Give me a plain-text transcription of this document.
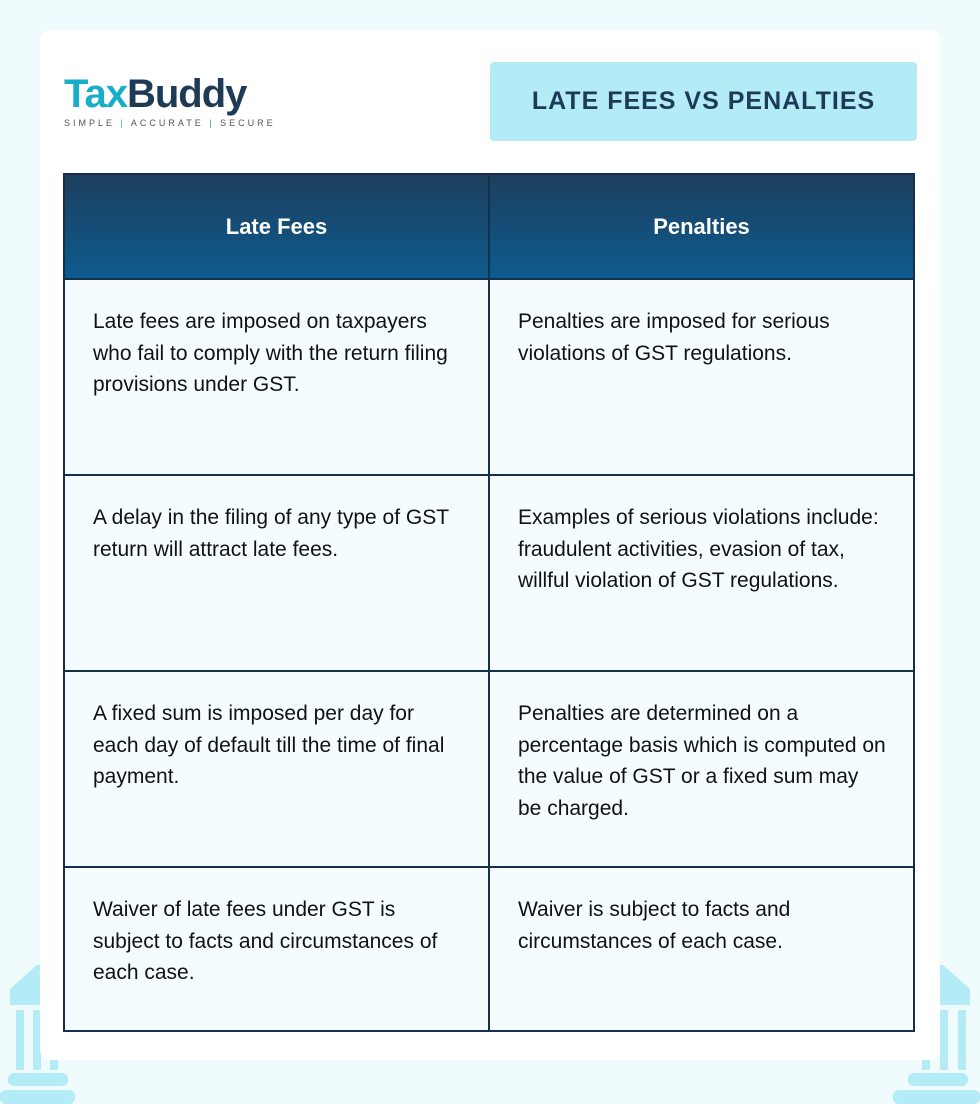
TaxBuddy
SIMPLE | ACCURATE | SECURE
LATE FEES VS PENALTIES
Late Fees	Penalties
Late fees are imposed on taxpayers who fail to comply with the return filing provisions under GST.	Penalties are imposed for serious violations of GST regulations.
A delay in the filing of any type of GST return will attract late fees.	Examples of serious violations include: fraudulent activities, evasion of tax, willful violation of GST regulations.
A fixed sum is imposed per day for each day of default till the time of final payment.	Penalties are determined on a percentage basis which is computed on the value of GST or a fixed sum may be charged.
Waiver of late fees under GST is subject to facts and circumstances of each case.	Waiver is subject to facts and circumstances of each case.
